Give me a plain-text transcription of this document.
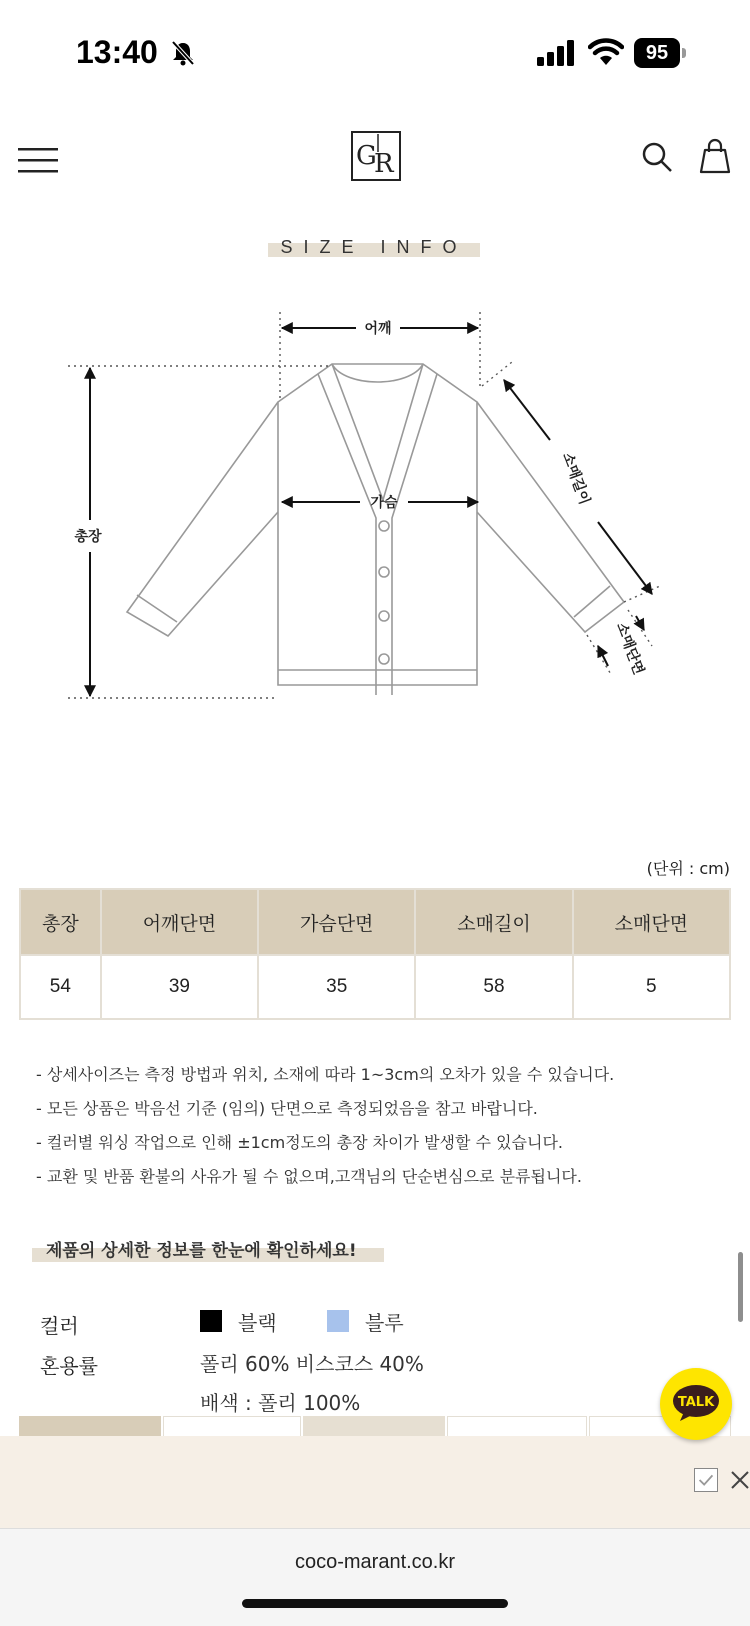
13:40	95
G
R
SIZE INFO
어깨
가슴
총장
소매길이
소매단면
(단위 : cm)
총장	어깨단면	가슴단면	소매길이	소매단면
54	39	35	58	5
- 상세사이즈는 측정 방법과 위치, 소재에 따라 1~3cm의 오차가 있을 수 있습니다.
- 모든 상품은 박음선 기준 (임의) 단면으로 측정되었음을 참고 바랍니다.
- 컬러별 워싱 작업으로 인해 ±1cm정도의 총장 차이가 발생할 수 있습니다.
- 교환 및 반품 환불의 사유가 될 수 없으며,고객님의 단순변심으로 분류됩니다.
제품의 상세한 정보를 한눈에 확인하세요!
컬러	블랙	블루
혼용률	폴리 60% 비스코스 40%
배색 : 폴리 100%	TALK
coco-marant.co.kr
